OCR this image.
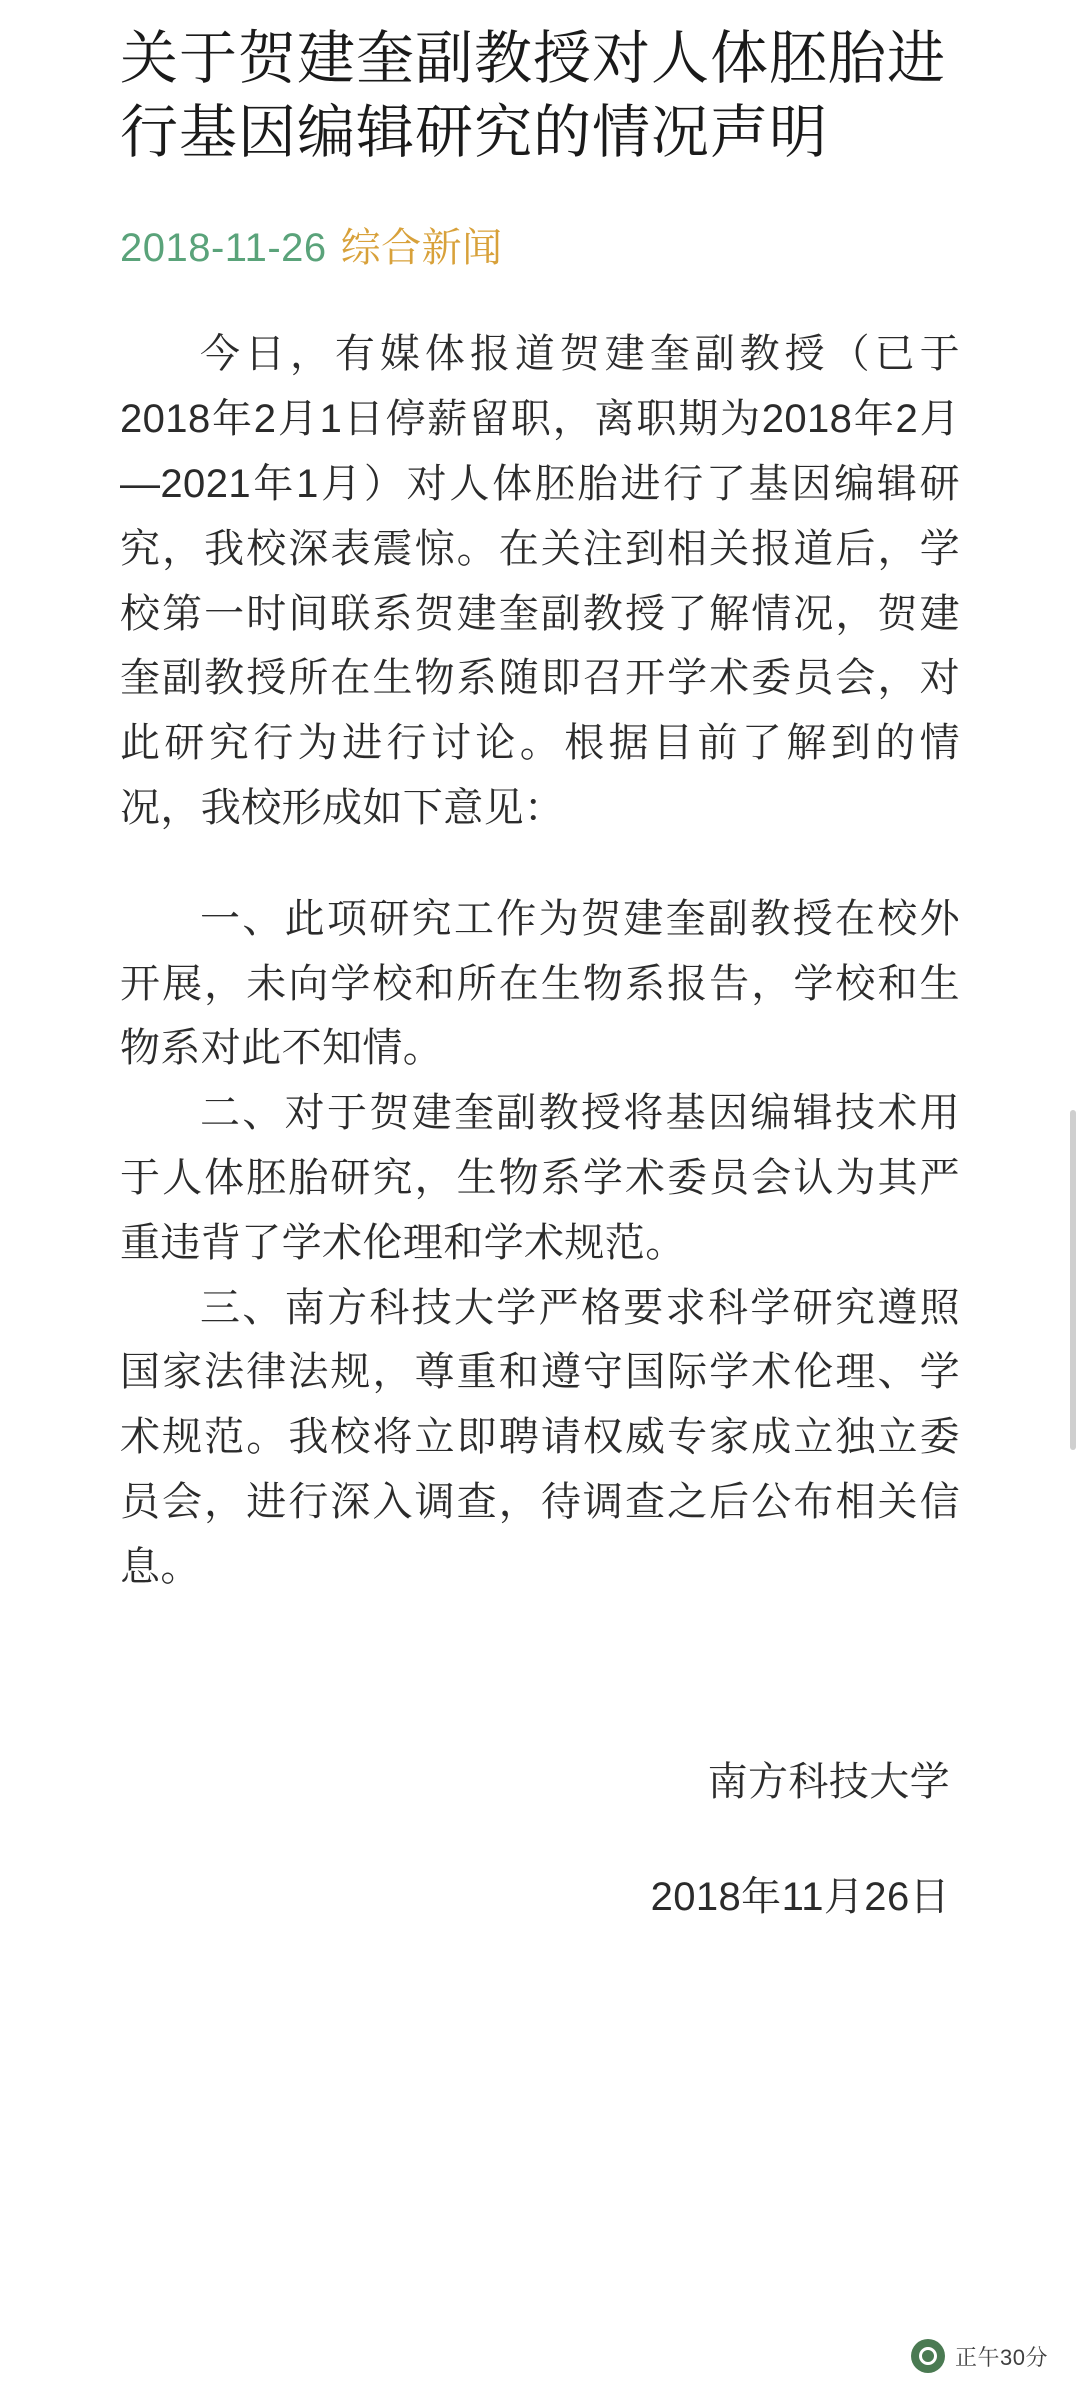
关于贺建奎副教授对人体胚胎进行基因编辑研究的情况声明
2018-11-26 综合新闻

今日，有媒体报道贺建奎副教授（已于2018年2月1日停薪留职，离职期为2018年2月—2021年1月）对人体胚胎进行了基因编辑研究，我校深表震惊。在关注到相关报道后，学校第一时间联系贺建奎副教授了解情况，贺建奎副教授所在生物系随即召开学术委员会，对此研究行为进行讨论。根据目前了解到的情况，我校形成如下意见：

一、此项研究工作为贺建奎副教授在校外开展，未向学校和所在生物系报告，学校和生物系对此不知情。

二、对于贺建奎副教授将基因编辑技术用于人体胚胎研究，生物系学术委员会认为其严重违背了学术伦理和学术规范。

三、南方科技大学严格要求科学研究遵照国家法律法规，尊重和遵守国际学术伦理、学术规范。我校将立即聘请权威专家成立独立委员会，进行深入调查，待调查之后公布相关信息。

南方科技大学
2018年11月26日
正午30分
